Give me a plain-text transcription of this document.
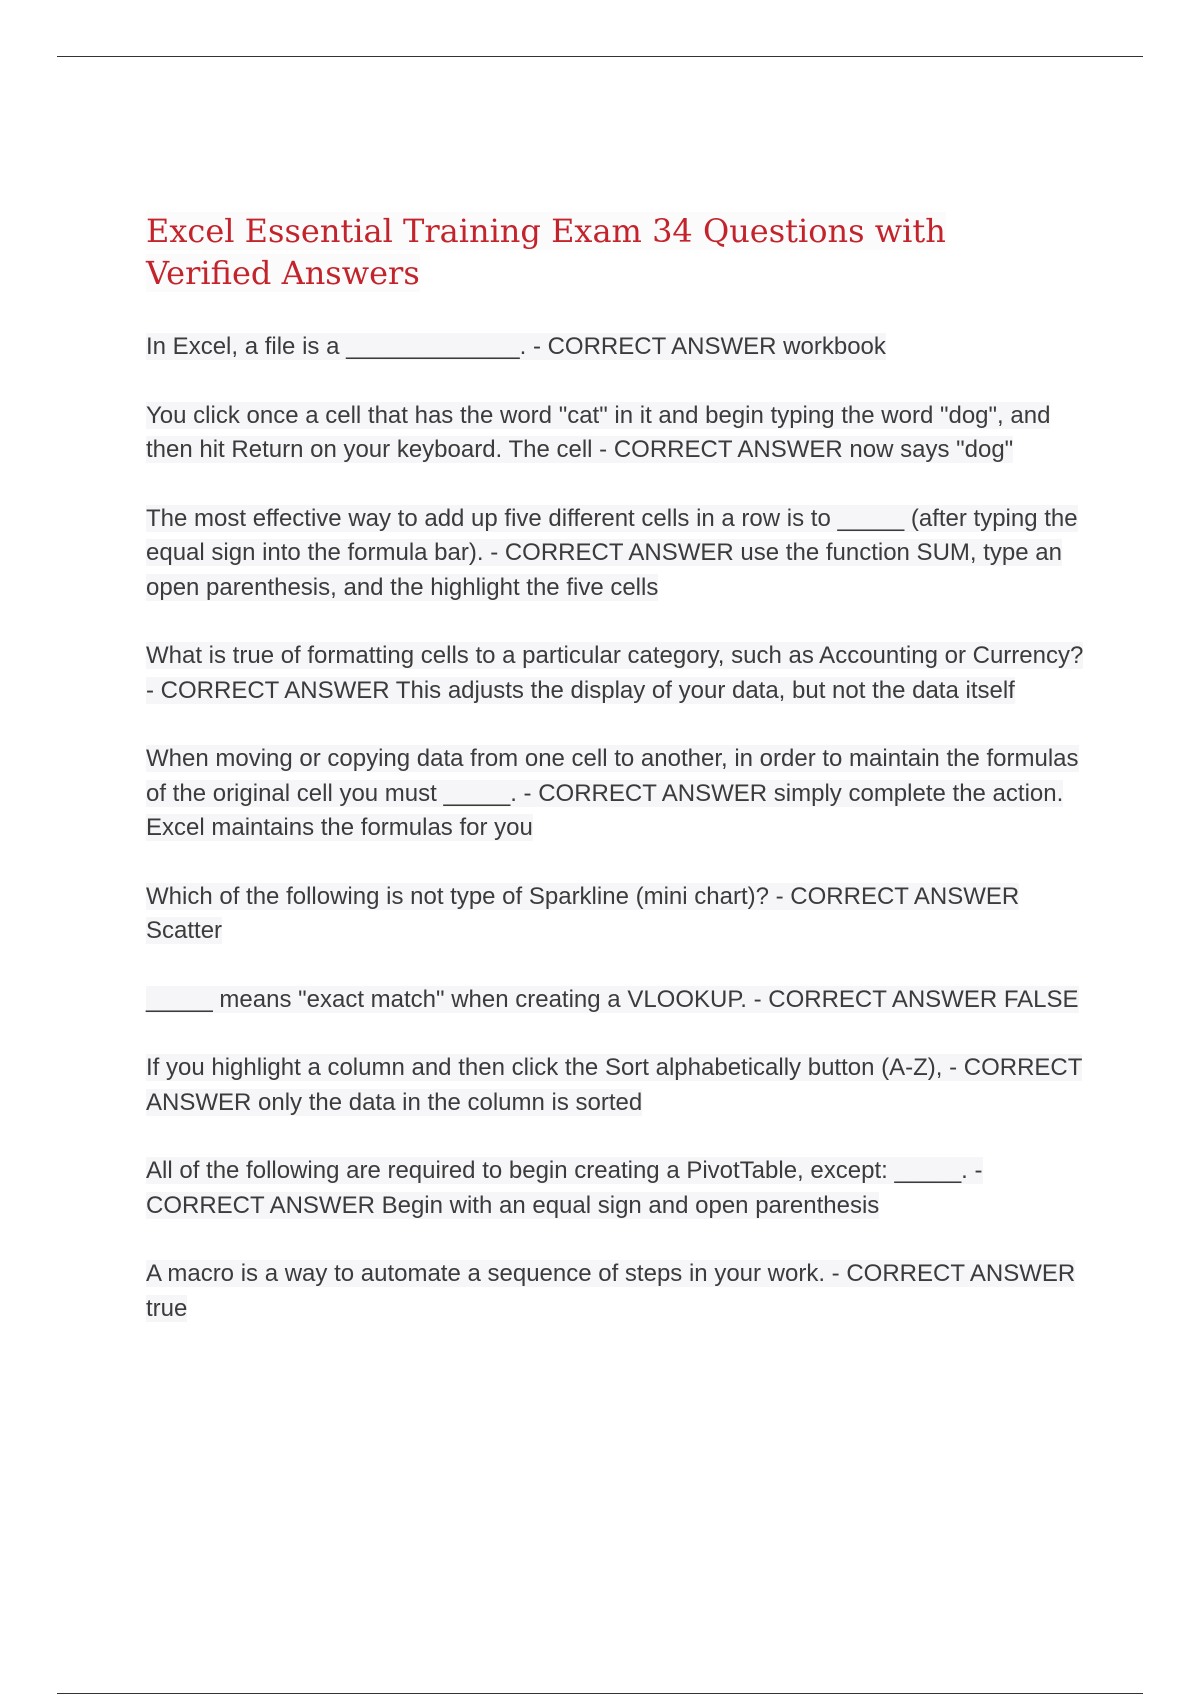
Excel Essential Training Exam 34 Questions with Verified Answers

In Excel, a file is a _____________. - CORRECT ANSWER workbook

You click once a cell that has the word "cat" in it and begin typing the word "dog", and then hit Return on your keyboard. The cell - CORRECT ANSWER now says "dog"

The most effective way to add up five different cells in a row is to _____ (after typing the equal sign into the formula bar). - CORRECT ANSWER use the function SUM, type an open parenthesis, and the highlight the five cells

What is true of formatting cells to a particular category, such as Accounting or Currency? - CORRECT ANSWER This adjusts the display of your data, but not the data itself

When moving or copying data from one cell to another, in order to maintain the formulas of the original cell you must _____. - CORRECT ANSWER simply complete the action. Excel maintains the formulas for you

Which of the following is not type of Sparkline (mini chart)? - CORRECT ANSWER Scatter

_____ means "exact match" when creating a VLOOKUP. - CORRECT ANSWER FALSE

If you highlight a column and then click the Sort alphabetically button (A-Z), - CORRECT ANSWER only the data in the column is sorted

All of the following are required to begin creating a PivotTable, except: _____. - CORRECT ANSWER Begin with an equal sign and open parenthesis

A macro is a way to automate a sequence of steps in your work. - CORRECT ANSWER true
